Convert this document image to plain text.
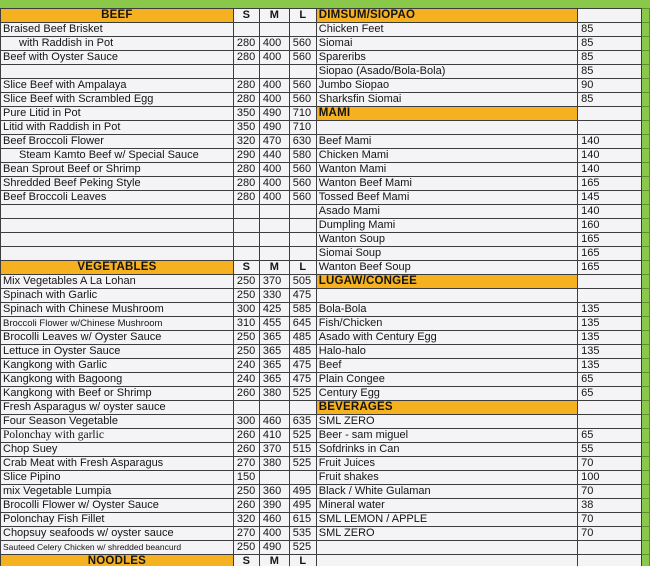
BEEF	S	M	L	DIMSUM/SIOPAO		
Braised Beef Brisket				Chicken Feet	85	
with Raddish in Pot	280	400	560	Siomai	85	
Beef with Oyster Sauce	280	400	560	Spareribs	85	
				Siopao (Asado/Bola-Bola)	85	
Slice Beef with Ampalaya	280	400	560	Jumbo Siopao	90	
Slice Beef with Scrambled Egg	280	400	560	Sharksfin Siomai	85	
Pure Litid in Pot	350	490	710	MAMI		
Litid with Raddish in Pot	350	490	710			
Beef Broccoli Flower	320	470	630	Beef Mami	140	
Steam Kamto Beef w/ Special Sauce	290	440	580	Chicken Mami	140	
Bean Sprout Beef or Shrimp	280	400	560	Wanton Mami	140	
Shredded Beef Peking Style	280	400	560	Wanton Beef Mami	165	
Beef Broccoli Leaves	280	400	560	Tossed Beef Mami	145	
				Asado Mami	140	
				Dumpling Mami	160	
				Wanton Soup	165	
				Siomai Soup	165	
VEGETABLES	S	M	L	Wanton Beef Soup	165	
Mix Vegetables A La Lohan	250	370	505	LUGAW/CONGEE		
Spinach with Garlic	250	330	475			
Spinach with Chinese Mushroom	300	425	585	Bola-Bola	135	
Broccoli Flower w/Chinese Mushroom	310	455	645	Fish/Chicken	135	
Brocolli Leaves w/ Oyster Sauce	250	365	485	Asado with Century Egg	135	
Lettuce in Oyster Sauce	250	365	485	Halo-halo	135	
Kangkong with Garlic	240	365	475	Beef	135	
Kangkong with Bagoong	240	365	475	Plain Congee	65	
Kangkong with Beef or Shrimp	260	380	525	Century Egg	65	
Fresh Asparagus w/ oyster sauce				BEVERAGES		
Four Season Vegetable	300	460	635	SML ZERO		
Polonchay with garlic	260	410	525	Beer - sam miguel	65	
Chop Suey	260	370	515	Sofdrinks in Can	55	
Crab Meat with Fresh Asparagus	270	380	525	Fruit Juices	70	
Slice Pipino	150			Fruit shakes	100	
mix Vegetable Lumpia	250	360	495	Black / White Gulaman	70	
Brocolli Flower w/ Oyster Sauce	260	390	495	Mineral water	38	
Polonchay Fish Fillet	320	460	615	SML LEMON / APPLE	70	
Chopsuy seafoods w/ oyster sauce	270	400	535	SML ZERO	70	
Sauteed Celery Chicken w/ shredded beancurd	250	490	525			
NOODLES	S	M	L			
